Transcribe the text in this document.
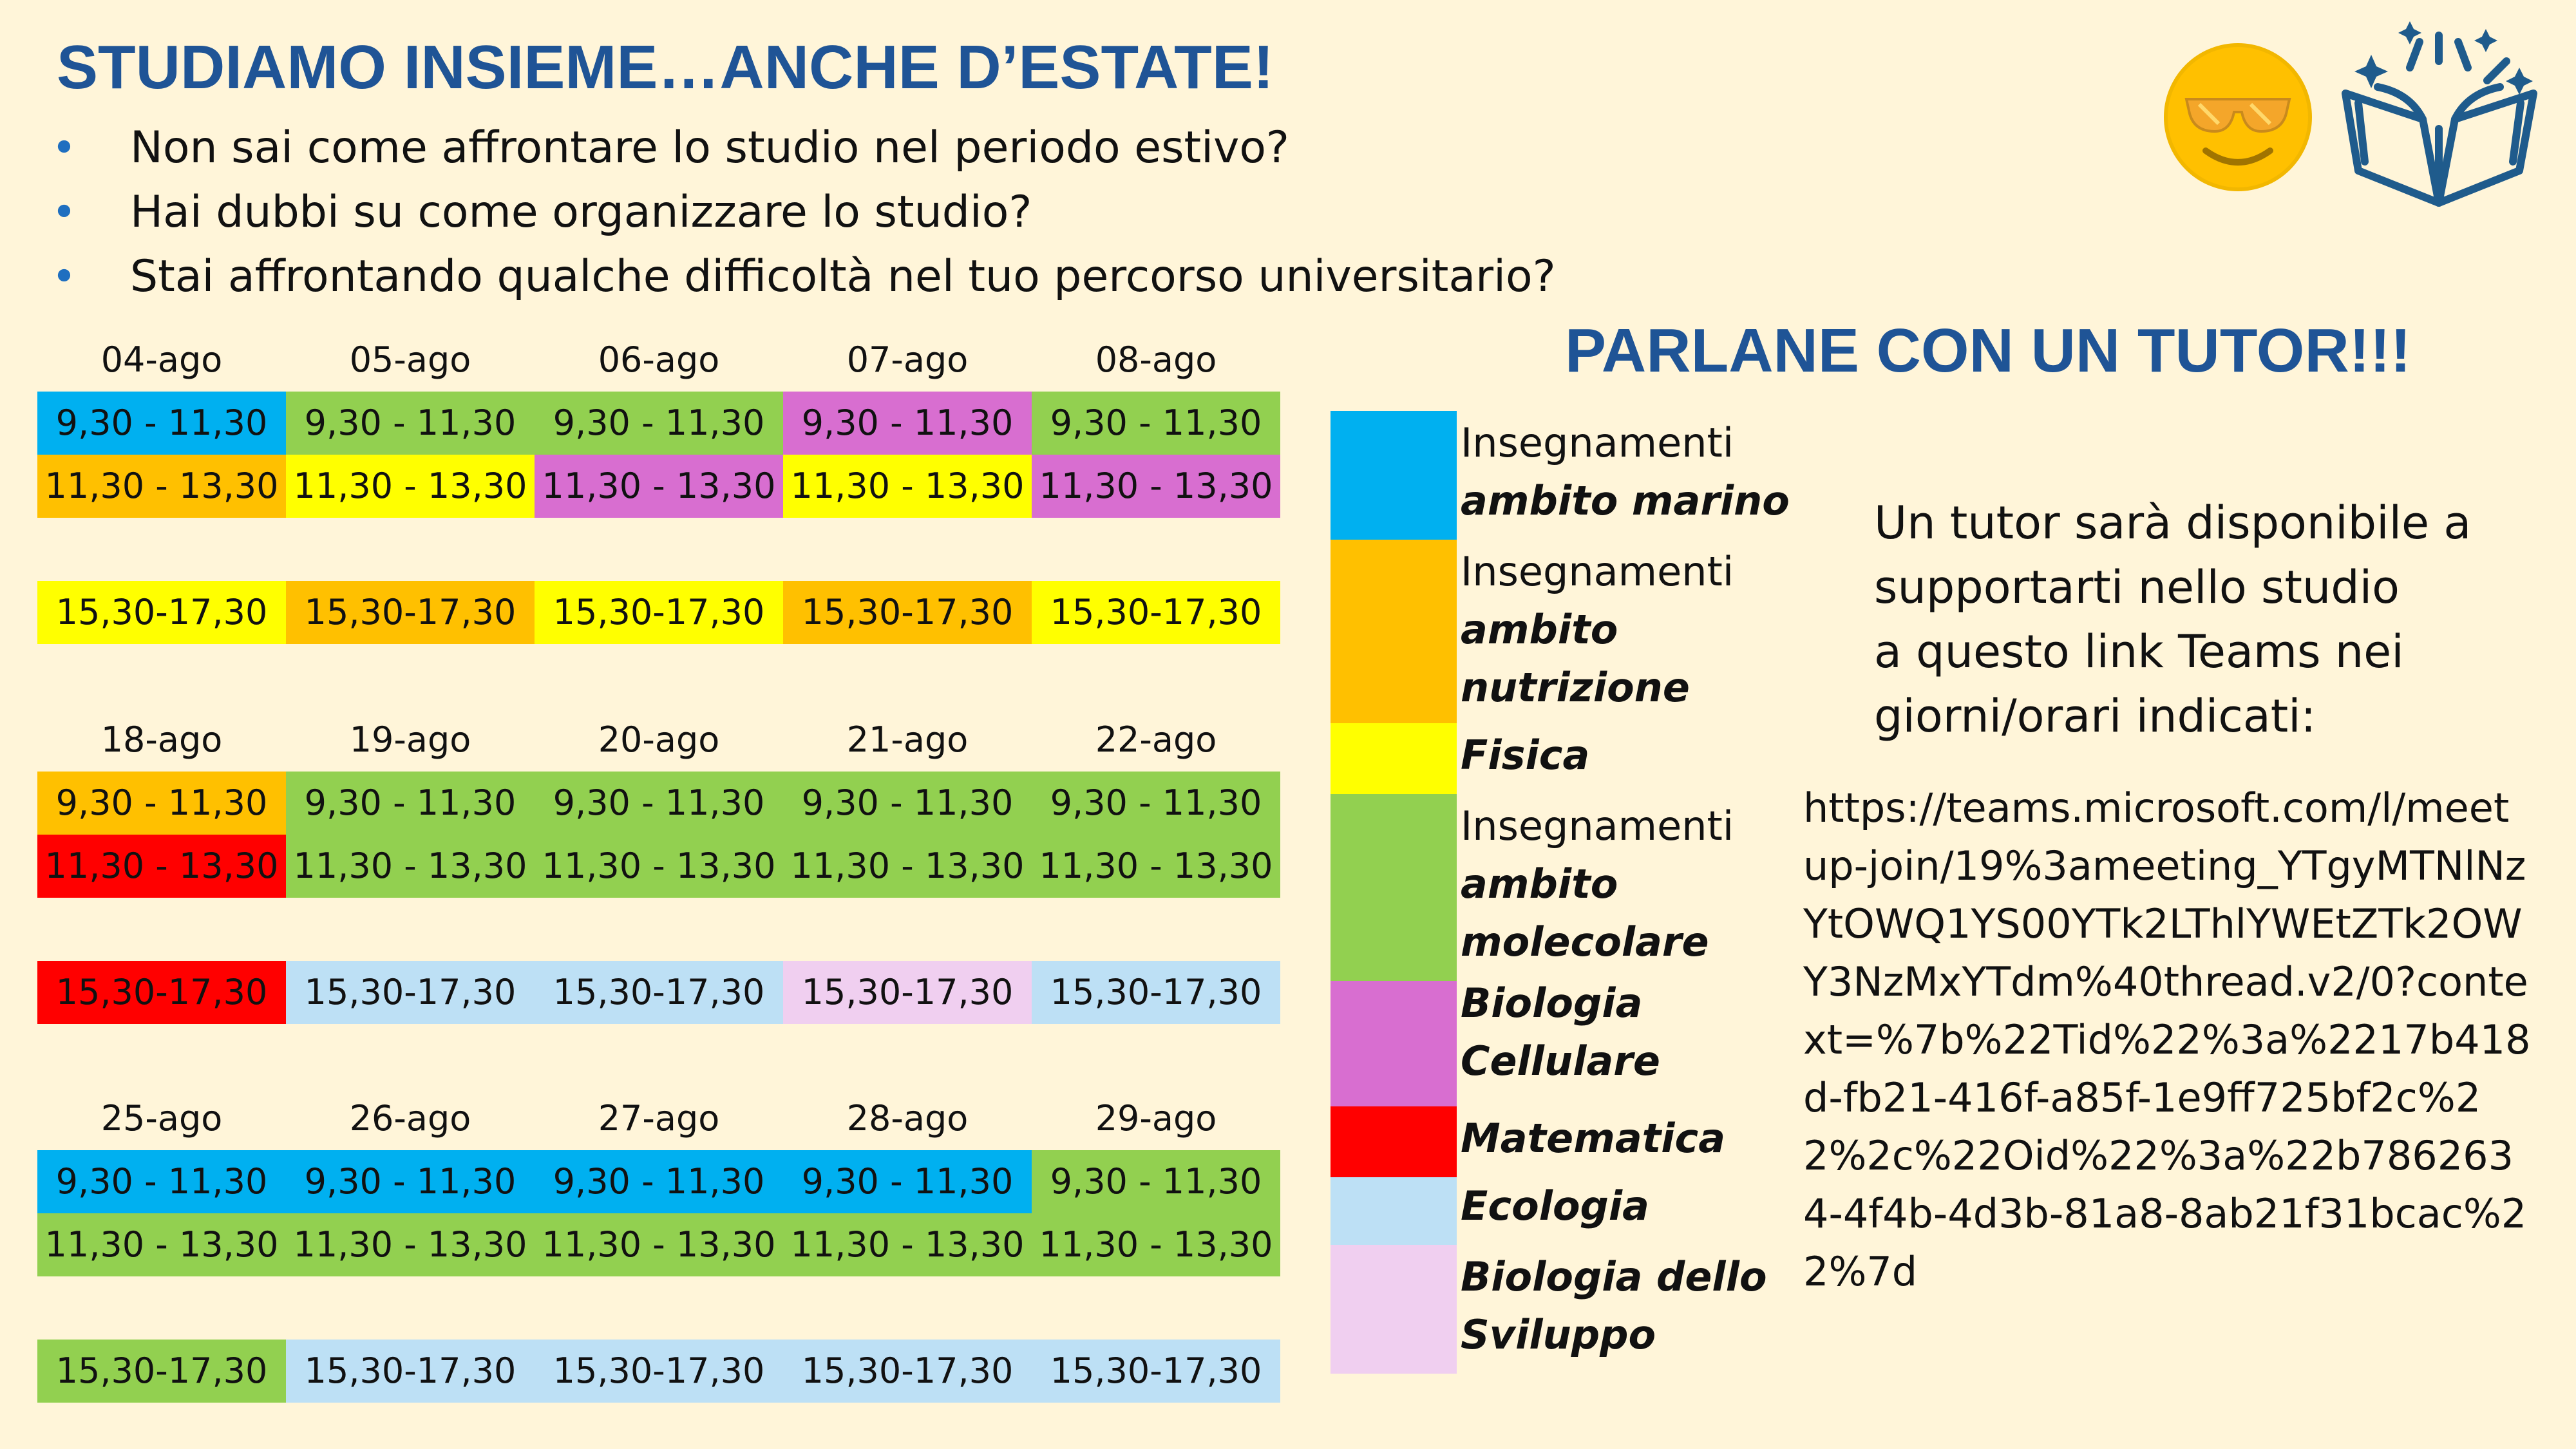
STUDIAMO INSIEME…ANCHE D’ESTATE!
• Non sai come affrontare lo studio nel periodo estivo?
• Hai dubbi su come organizzare lo studio?
• Stai affrontando qualche difficoltà nel tuo percorso universitario?
PARLANE CON UN TUTOR!!!
04-ago	05-ago	06-ago	07-ago	08-ago
9,30 - 11,30	9,30 - 11,30	9,30 - 11,30	9,30 - 11,30	9,30 - 11,30
11,30 - 13,30 11,30 - 13,30 11,30 - 13,30 11,30 - 13,30 11,30 - 13,30
15,30-17,30	15,30-17,30	15,30-17,30	15,30-17,30	15,30-17,30
18-ago	19-ago	20-ago	21-ago	22-ago
9,30 - 11,30	9,30 - 11,30	9,30 - 11,30	9,30 - 11,30	9,30 - 11,30
11,30 - 13,30 11,30 - 13,30 11,30 - 13,30 11,30 - 13,30 11,30 - 13,30
15,30-17,30	15,30-17,30	15,30-17,30	15,30-17,30	15,30-17,30
25-ago	26-ago	27-ago	28-ago	29-ago
9,30 - 11,30	9,30 - 11,30	9,30 - 11,30	9,30 - 11,30	9,30 - 11,30
11,30 - 13,30 11,30 - 13,30 11,30 - 13,30 11,30 - 13,30 11,30 - 13,30
15,30-17,30	15,30-17,30	15,30-17,30	15,30-17,30	15,30-17,30
Insegnamenti
ambito marino
Insegnamenti
ambito
nutrizione
Fisica
Insegnamenti
ambito
molecolare
Biologia
Cellulare
Matematica
Ecologia
Biologia dello
Sviluppo
Un tutor sarà disponibile a
supportarti nello studio
a questo link Teams nei
giorni/orari indicati:
https://teams.microsoft.com/l/meetup-join/19%3ameeting_YTgyMTNlNzYtOWQ1YS00YTk2LThlYWEtZTk2OWY3NzMxYTdm%40thread.v2/0?context=%7b%22Tid%22%3a%2217b418d-fb21-416f-a85f-1e9ff725bf2c%22%2c%22Oid%22%3a%22b7862634-4f4b-4d3b-81a8-8ab21f31bcac%22%7d
